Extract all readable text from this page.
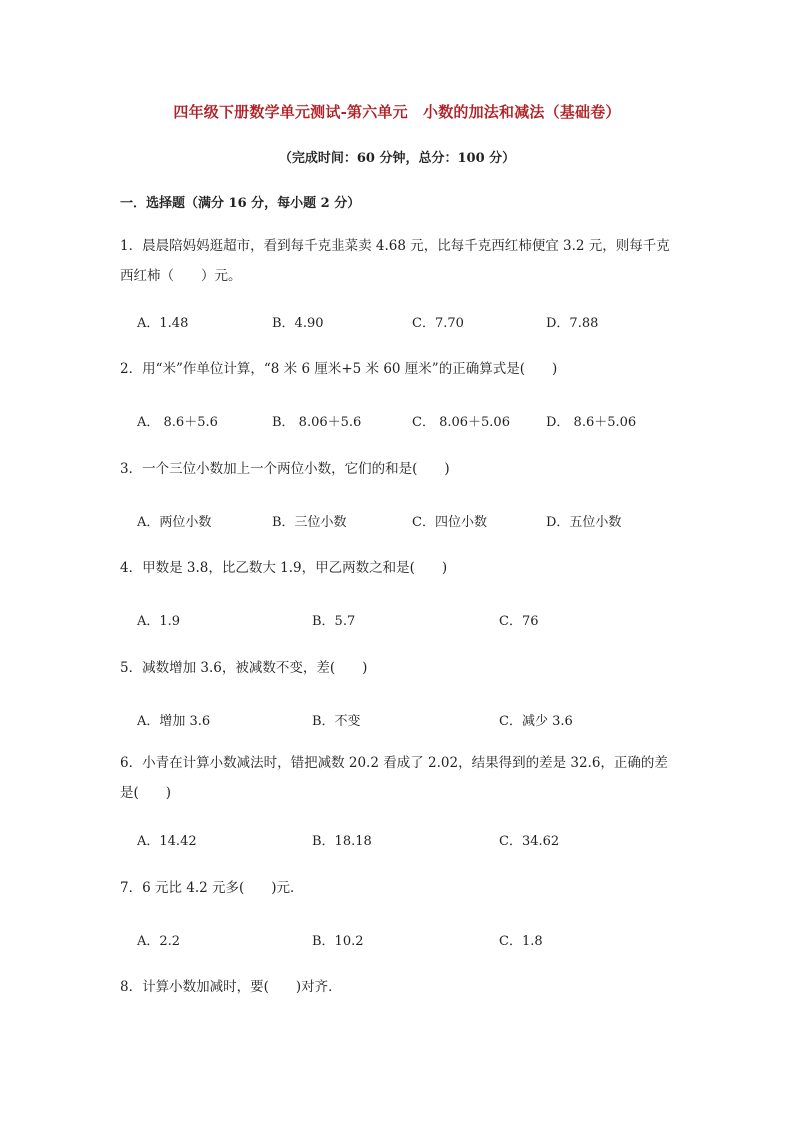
四年级下册数学单元测试-第六单元　小数的加法和减法（基础卷）
（完成时间：60 分钟，总分：100 分）
一．选择题（满分 16 分，每小题 2 分）
1．晨晨陪妈妈逛超市，看到每千克韭菜卖 4.68 元，比每千克西红柿便宜 3.2 元，则每千克西红柿（　　）元。
A．1.48	B．4.90	C．7.70	D．7.88
2．用“米”作单位计算，“8 米 6 厘米+5 米 60 厘米”的正确算式是(　　)
A． 8.6＋5.6	B． 8.06＋5.6	C． 8.06＋5.06	D． 8.6＋5.06
3．一个三位小数加上一个两位小数，它们的和是(　　)
A．两位小数	B．三位小数	C．四位小数	D．五位小数
4．甲数是 3.8，比乙数大 1.9，甲乙两数之和是(　　)
A．1.9	B．5.7	C．76
5．减数增加 3.6，被减数不变，差(　　)
A．增加 3.6	B．不变	C．减少 3.6
6．小青在计算小数减法时，错把减数 20.2 看成了 2.02，结果得到的差是 32.6，正确的差是(　　)
A．14.42	B．18.18	C．34.62
7．6 元比 4.2 元多(　　)元．
A．2.2	B．10.2	C．1.8
8．计算小数加减时，要(　　)对齐．
